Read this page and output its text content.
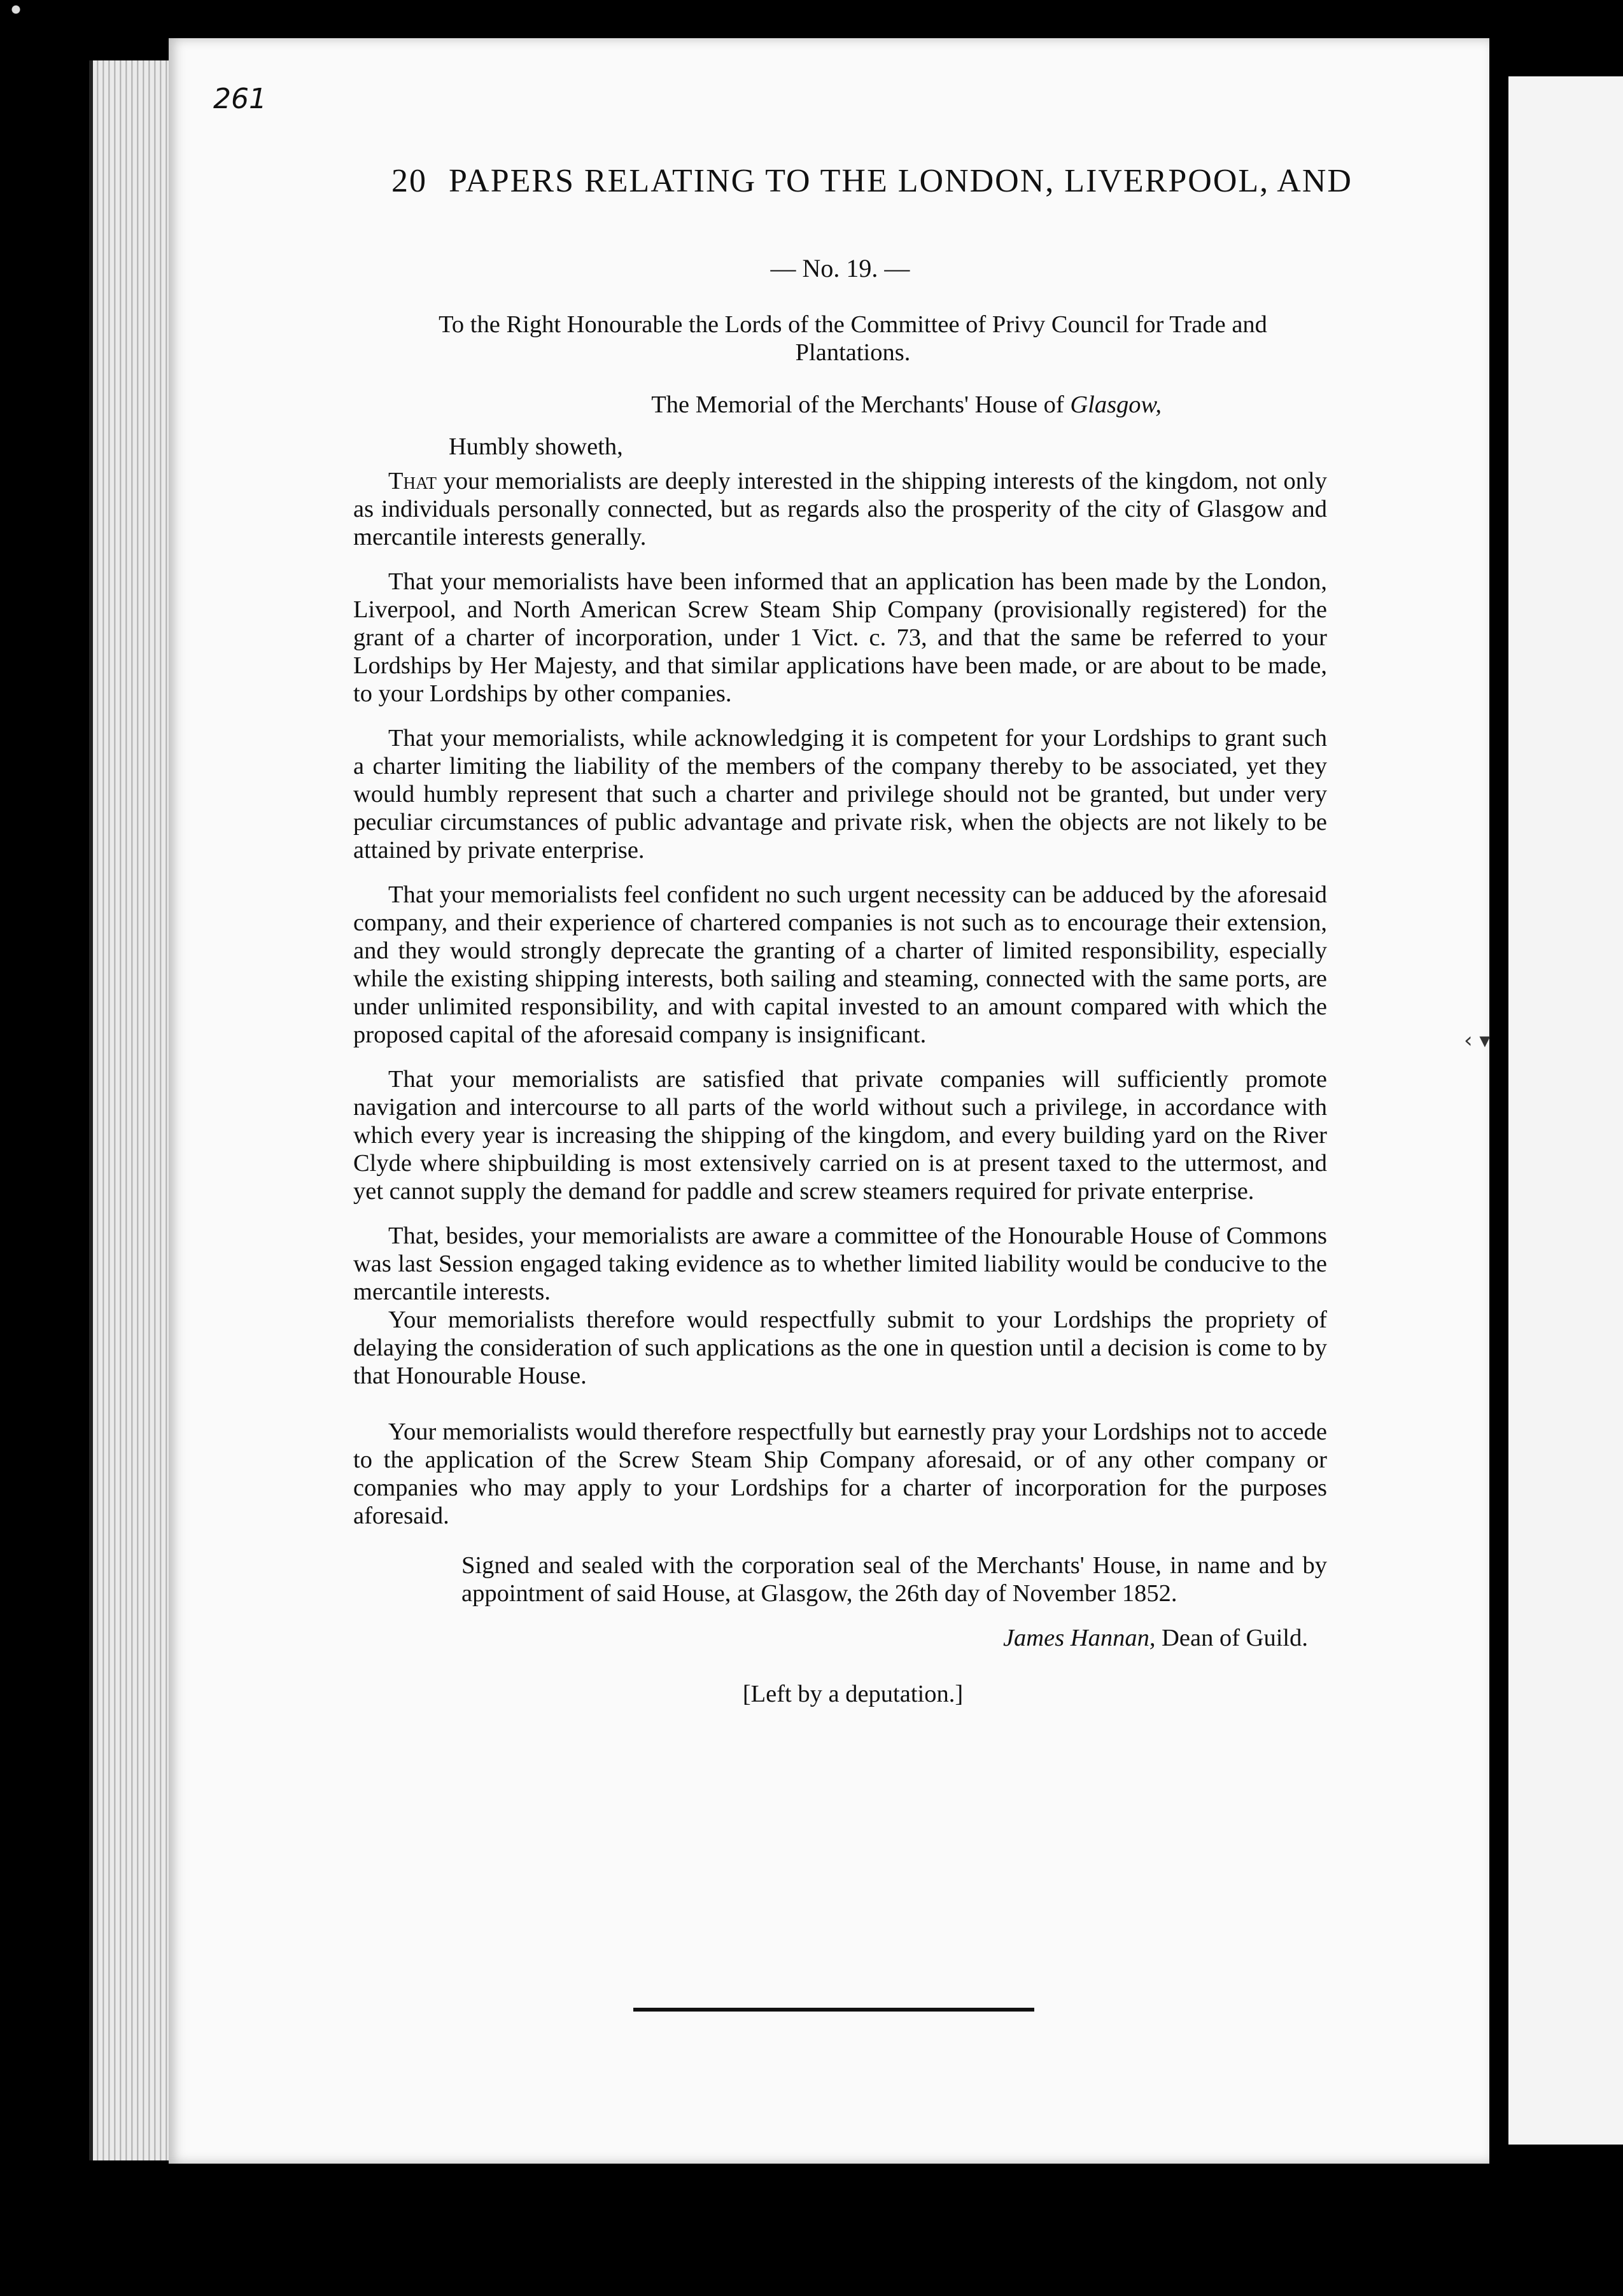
261
20 PAPERS RELATING TO THE LONDON, LIVERPOOL, AND
— No. 19. —
To the Right Honourable the Lords of the Committee of Privy Council for Trade and Plantations.
The Memorial of the Merchants' House of Glasgow,
Humbly showeth,

That your memorialists are deeply interested in the shipping interests of the kingdom, not only as individuals personally connected, but as regards also the prosperity of the city of Glasgow and mercantile interests generally.

That your memorialists have been informed that an application has been made by the London, Liverpool, and North American Screw Steam Ship Company (provisionally registered) for the grant of a charter of incorporation, under 1 Vict. c. 73, and that the same be referred to your Lordships by Her Majesty, and that similar applications have been made, or are about to be made, to your Lordships by other companies.

That your memorialists, while acknowledging it is competent for your Lordships to grant such a charter limiting the liability of the members of the company thereby to be associated, yet they would humbly represent that such a charter and privilege should not be granted, but under very peculiar circumstances of public advantage and private risk, when the objects are not likely to be attained by private enterprise.

That your memorialists feel confident no such urgent necessity can be adduced by the aforesaid company, and their experience of chartered companies is not such as to encourage their extension, and they would strongly deprecate the granting of a charter of limited responsibility, especially while the existing shipping interests, both sailing and steaming, connected with the same ports, are under unlimited responsibility, and with capital invested to an amount compared with which the proposed capital of the aforesaid company is insignificant.

That your memorialists are satisfied that private companies will sufficiently promote navigation and intercourse to all parts of the world without such a privilege, in accordance with which every year is increasing the shipping of the kingdom, and every building yard on the River Clyde where shipbuilding is most extensively carried on is at present taxed to the uttermost, and yet cannot supply the demand for paddle and screw steamers required for private enterprise.

That, besides, your memorialists are aware a committee of the Honourable House of Commons was last Session engaged taking evidence as to whether limited liability would be conducive to the mercantile interests.

Your memorialists therefore would respectfully submit to your Lordships the propriety of delaying the consideration of such applications as the one in question until a decision is come to by that Honourable House.

Your memorialists would therefore respectfully but earnestly pray your Lordships not to accede to the application of the Screw Steam Ship Company aforesaid, or of any other company or companies who may apply to your Lordships for a charter of incorporation for the purposes aforesaid.

Signed and sealed with the corporation seal of the Merchants' House, in name and by appointment of said House, at Glasgow, the 26th day of November 1852.
James Hannan, Dean of Guild.
[Left by a deputation.]
‹ ▾
